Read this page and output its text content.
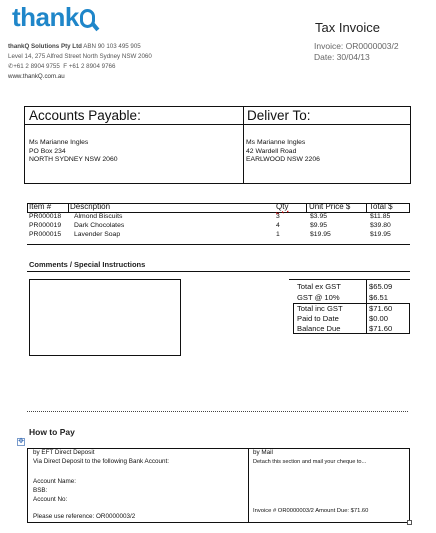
thank
thankQ Solutions Pty Ltd ABN 90 103 495 905
Level 14, 275 Alfred Street North Sydney NSW 2060
✆+61 2 8904 9755 F +61 2 8904 9766
www.thankQ.com.au
Tax Invoice
Invoice: OR0000003/2
Date: 30/04/13
Accounts Payable:	Deliver To:
Ms Marianne Ingles
PO Box 234
NORTH SYDNEY NSW 2060
Ms Marianne Ingles
42 Wardell Road
EARLWOOD NSW 2206
Item # Description	Qty	Unit Price $ Total $
PR000018 Almond Biscuits	3	$3.95	$11.85
PR000019 Dark Chocolates	4	$9.95	$39.80
PR000015 Lavender Soap	1	$19.95	$19.95
Comments / Special Instructions
Total ex GST	$65.09
GST @ 10%	$6.51
Total inc GST	$71.60
Paid to Date	$0.00
Balance Due	$71.60
How to Pay
✥
by EFT Direct Deposit
Via Direct Deposit to the following Bank Account:
Account Name:
BSB:
Account No:
Please use reference: OR0000003/2
by Mail
Detach this section and mail your cheque to...
Invoice # OR0000003/2 Amount Due: $71.60
